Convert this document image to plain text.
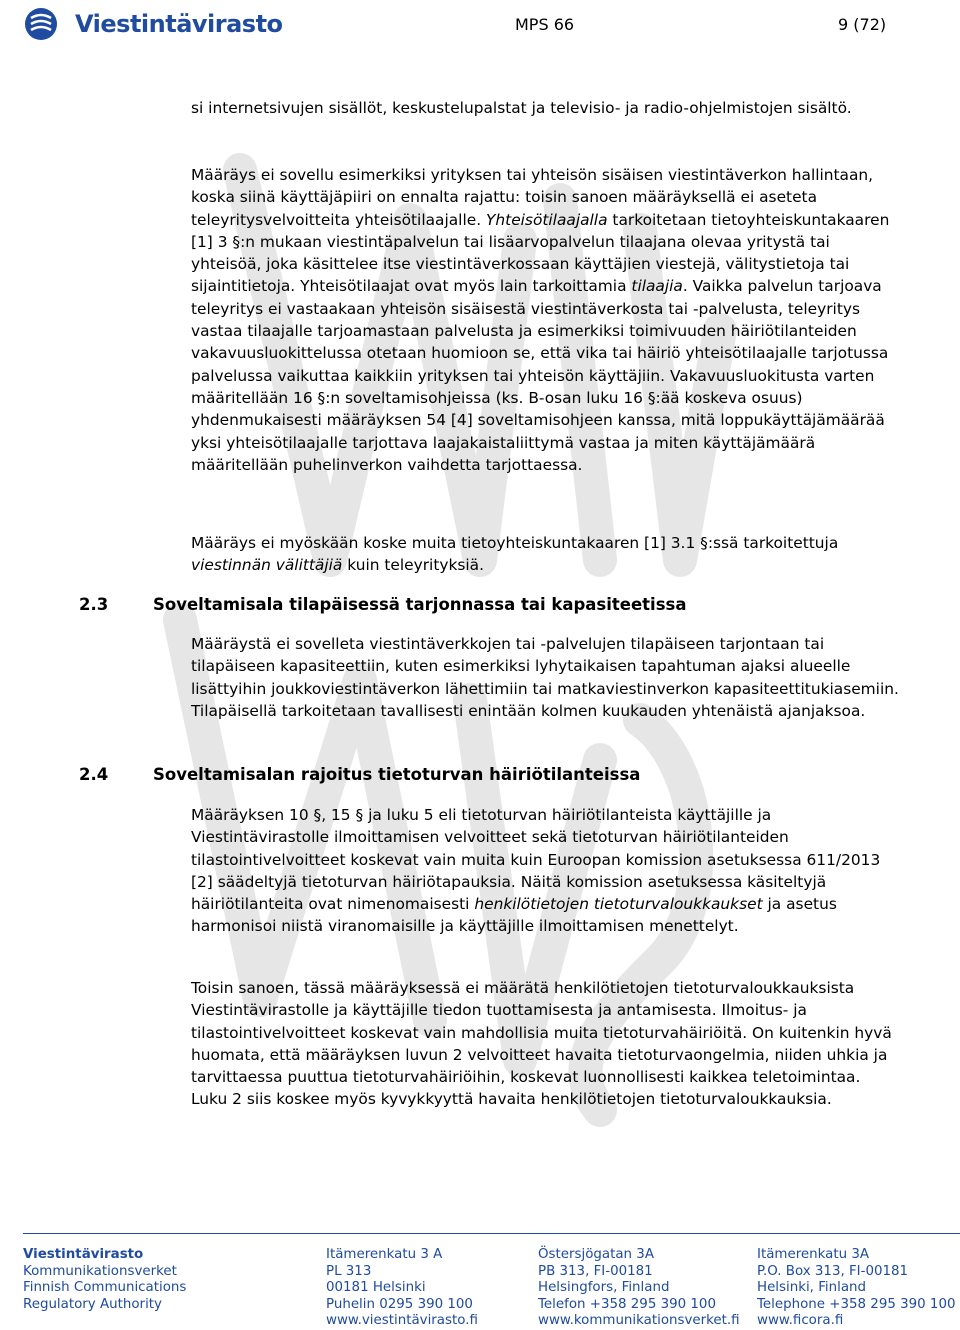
Viestintävirasto	MPS 66	9 (72)

si internetsivujen sisällöt, keskustelupalstat ja televisio- ja radio-ohjelmistojen sisältö.

Määräys ei sovellu esimerkiksi yrityksen tai yhteisön sisäisen viestintäverkon hallintaan, koska siinä käyttäjäpiiri on ennalta rajattu: toisin sanoen määräyksellä ei aseteta teleyritysvelvoitteita yhteisötilaajalle. Yhteisötilaajalla tarkoitetaan tietoyhteiskuntakaaren [1] 3 §:n mukaan viestintäpalvelun tai lisäarvopalvelun tilaajana olevaa yritystä tai yhteisöä, joka käsittelee itse viestintäverkossaan käyttäjien viestejä, välitystietoja tai sijaintitietoja. Yhteisötilaajat ovat myös lain tarkoittamia tilaajia. Vaikka palvelun tarjoava teleyritys ei vastaakaan yhteisön sisäisestä viestintäverkosta tai -palvelusta, teleyritys vastaa tilaajalle tarjoamastaan palvelusta ja esimerkiksi toimivuuden häiriötilanteiden vakavuusluokittelussa otetaan huomioon se, että vika tai häiriö yhteisötilaajalle tarjotussa palvelussa vaikuttaa kaikkiin yrityksen tai yhteisön käyttäjiin. Vakavuusluokitusta varten määritellään 16 §:n soveltamisohjeissa (ks. B-osan luku 16 §:ää koskeva osuus) yhdenmukaisesti määräyksen 54 [4] soveltamisohjeen kanssa, mitä loppukäyttäjämäärää yksi yhteisötilaajalle tarjottava laajakaistaliittymä vastaa ja miten käyttäjämäärä määritellään puhelinverkon vaihdetta tarjottaessa.

Määräys ei myöskään koske muita tietoyhteiskuntakaaren [1] 3.1 §:ssä tarkoitettuja viestinnän välittäjiä kuin teleyrityksiä.

2.3	Soveltamisala tilapäisessä tarjonnassa tai kapasiteetissa

Määräystä ei sovelleta viestintäverkkojen tai -palvelujen tilapäiseen tarjontaan tai tilapäiseen kapasiteettiin, kuten esimerkiksi lyhytaikaisen tapahtuman ajaksi alueelle lisättyihin joukkoviestintäverkon lähettimiin tai matkaviestinverkon kapasiteettitukiasemiin. Tilapäisellä tarkoitetaan tavallisesti enintään kolmen kuukauden yhtenäistä ajanjaksoa.

2.4	Soveltamisalan rajoitus tietoturvan häiriötilanteissa

Määräyksen 10 §, 15 § ja luku 5 eli tietoturvan häiriötilanteista käyttäjille ja Viestintävirastolle ilmoittamisen velvoitteet sekä tietoturvan häiriötilanteiden tilastointivelvoitteet koskevat vain muita kuin Euroopan komission asetuksessa 611/2013 [2] säädeltyjä tietoturvan häiriötapauksia. Näitä komission asetuksessa käsiteltyjä häiriötilanteita ovat nimenomaisesti henkilötietojen tietoturvaloukkaukset ja asetus harmonisoi niistä viranomaisille ja käyttäjille ilmoittamisen menettelyt.

Toisin sanoen, tässä määräyksessä ei määrätä henkilötietojen tietoturvaloukkauksista Viestintävirastolle ja käyttäjille tiedon tuottamisesta ja antamisesta. Ilmoitus- ja tilastointivelvoitteet koskevat vain mahdollisia muita tietoturvahäiriöitä. On kuitenkin hyvä huomata, että määräyksen luvun 2 velvoitteet havaita tietoturvaongelmia, niiden uhkia ja tarvittaessa puuttua tietoturvahäiriöihin, koskevat luonnollisesti kaikkea teletoimintaa. Luku 2 siis koskee myös kyvykkyyttä havaita henkilötietojen tietoturvaloukkauksia.

Viestintävirasto
Kommunikationsverket
Finnish Communications
Regulatory Authority
Itämerenkatu 3 A
PL 313
00181 Helsinki
Puhelin 0295 390 100
www.viestintävirasto.fi
Östersjögatan 3A
PB 313, FI-00181
Helsingfors, Finland
Telefon +358 295 390 100
www.kommunikationsverket.fi
Itämerenkatu 3A
P.O. Box 313, FI-00181
Helsinki, Finland
Telephone +358 295 390 100
www.ficora.fi
